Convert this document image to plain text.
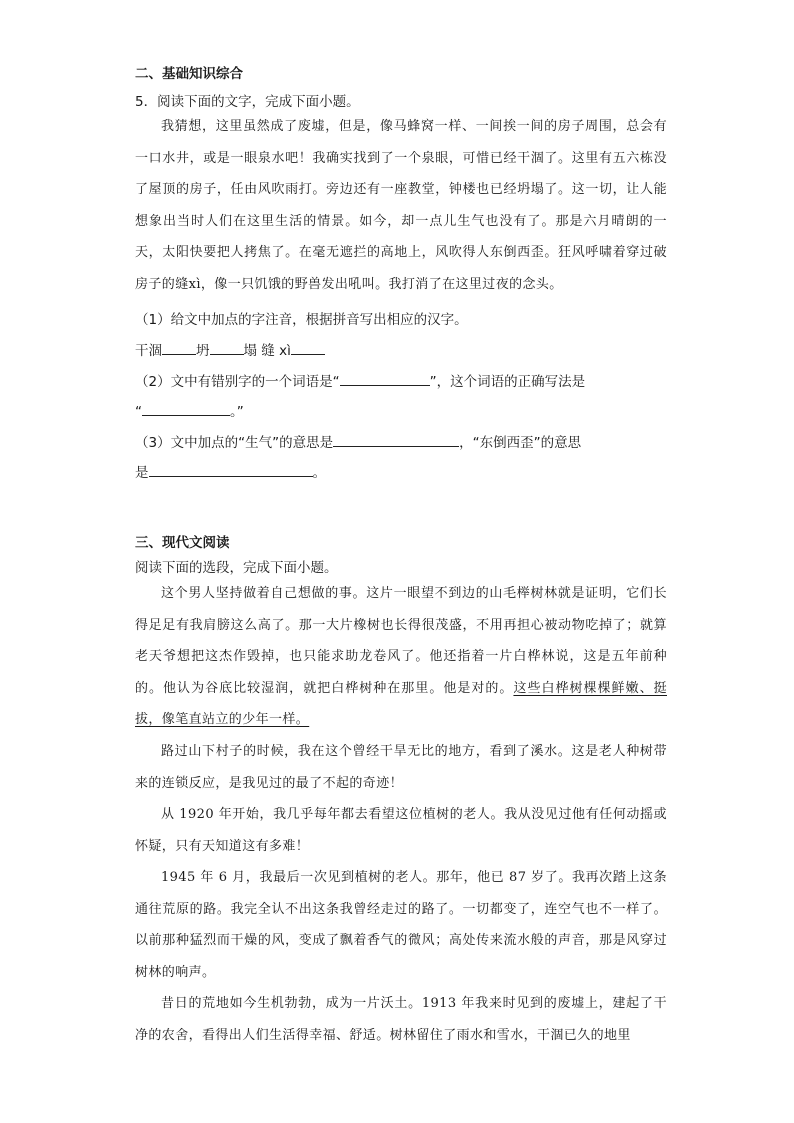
二、基础知识综合
5．阅读下面的文字，完成下面小题。

我猜想，这里虽然成了废墟，但是，像马蜂窝一样、一间挨一间的房子周围，总会有一口水井，或是一眼泉水吧！我确实找到了一个泉眼，可惜已经干涸了。这里有五六栋没了屋顶的房子，任由风吹雨打。旁边还有一座教堂，钟楼也已经坍塌了。这一切，让人能想象出当时人们在这里生活的情景。如今，却一点儿生气也没有了。那是六月晴朗的一天，太阳快要把人拷焦了。在毫无遮拦的高地上，风吹得人东倒西歪。狂风呼啸着穿过破房子的缝xì，像一只饥饿的野兽发出吼叫。我打消了在这里过夜的念头。

（1）给文中加点的字注音，根据拼音写出相应的汉字。
干涸	坍	塌 缝 xì
（2）文中有错别字的一个词语是“	”，这个词语的正确写法是
“	。”
（3）文中加点的“生气”的意思是	，“东倒西歪”的意思
是	。
三、现代文阅读
阅读下面的选段，完成下面小题。

这个男人坚持做着自己想做的事。这片一眼望不到边的山毛榉树林就是证明，它们长得足足有我肩膀这么高了。那一大片橡树也长得很茂盛，不用再担心被动物吃掉了；就算老天爷想把这杰作毁掉，也只能求助龙卷风了。他还指着一片白桦林说，这是五年前种的。他认为谷底比较湿润，就把白桦树种在那里。他是对的。这些白桦树棵棵鲜嫩、挺拔，像笔直站立的少年一样。

路过山下村子的时候，我在这个曾经干旱无比的地方，看到了溪水。这是老人种树带来的连锁反应，是我见过的最了不起的奇迹！

从 1920 年开始，我几乎每年都去看望这位植树的老人。我从没见过他有任何动摇或怀疑，只有天知道这有多难！

1945 年 6 月，我最后一次见到植树的老人。那年，他已 87 岁了。我再次踏上这条通往荒原的路。我完全认不出这条我曾经走过的路了。一切都变了，连空气也不一样了。以前那种猛烈而干燥的风，变成了飘着香气的微风；高处传来流水般的声音，那是风穿过树林的响声。

昔日的荒地如今生机勃勃，成为一片沃土。1913 年我来时见到的废墟上，建起了干净的农舍，看得出人们生活得幸福、舒适。树林留住了雨水和雪水，干涸已久的地里
